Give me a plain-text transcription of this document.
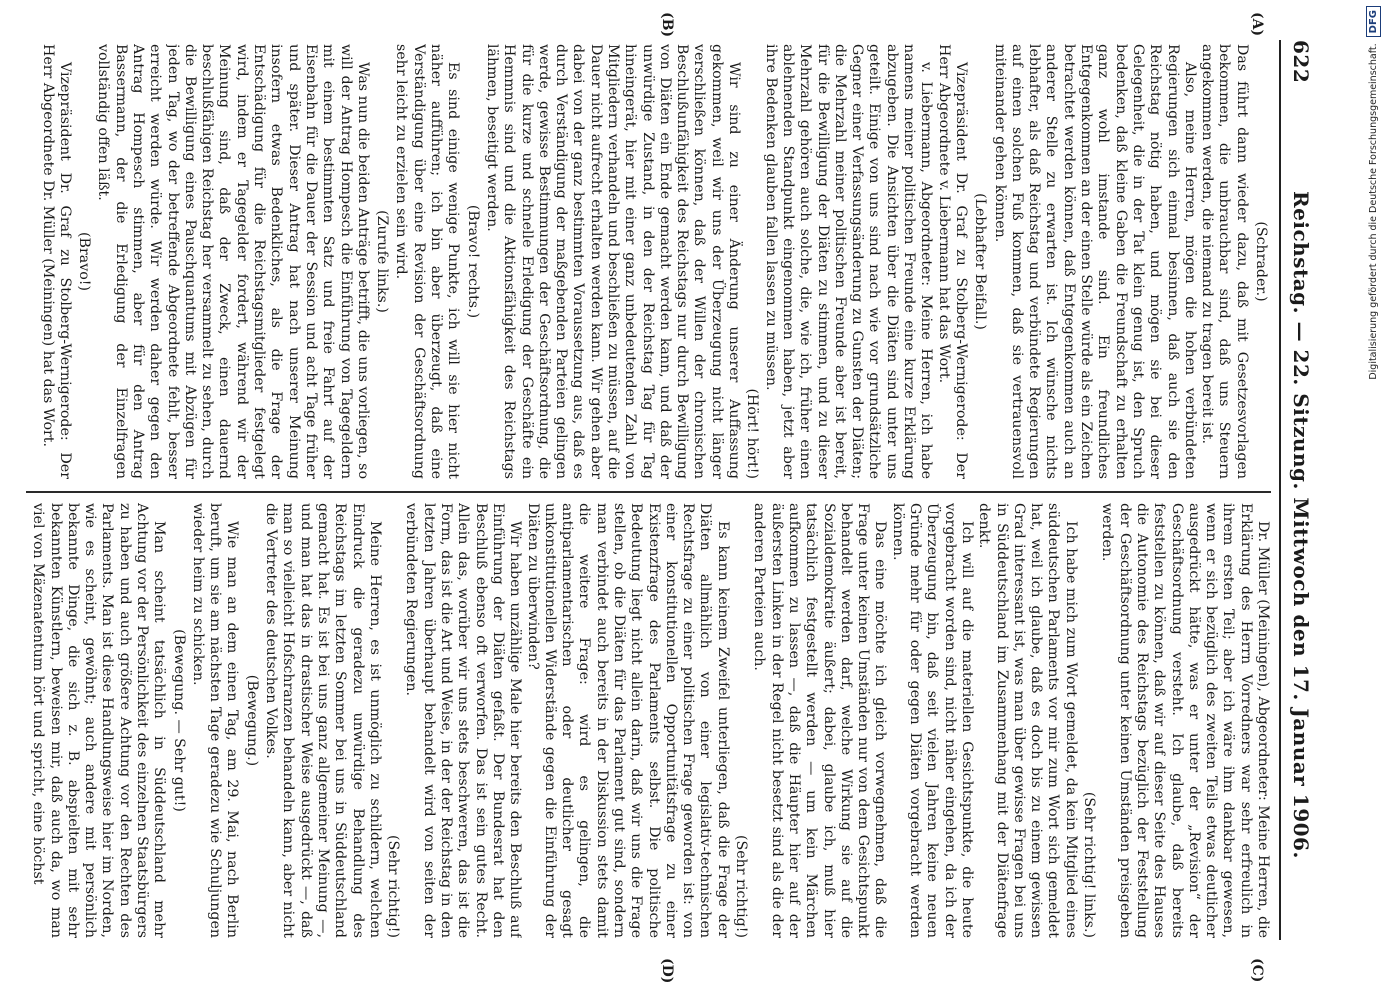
622
Reichstag. — 22. Sitzung. Mittwoch den 17. Januar 1906.
(A)
(B)
(C)
(D)

(Schrader.)

Das führt dann wieder dazu, daß mit Gesetzesvorlagen bekommen, die unbrauchbar sind, daß uns Steuern angekommen werden, die niemand zu tragen bereit ist.

Also, meine Herren, mögen die hohen verbündeten Regierungen sich einmal besinnen, daß auch sie den Reichstag nötig haben, und mögen sie bei dieser Gelegenheit, die in der Tat klein genug ist, den Spruch bedenken, daß kleine Gaben die Freundschaft zu erhalten ganz wohl imstande sind. Ein freundliches Entgegenkommen an der einen Stelle würde als ein Zeichen betrachtet werden können, daß Entgegenkommen auch an anderer Stelle zu erwarten ist. Ich wünsche nichts lebhafter, als daß Reichstag und verbündete Regierungen auf einen solchen Fuß kommen, daß sie vertrauensvoll miteinander gehen können.

(Lebhafter Beifall.)

Vizepräsident Dr. Graf zu Stolberg-Wernigerode: Der Herr Abgeordnete v. Liebermann hat das Wort.

v. Liebermann, Abgeordneter: Meine Herren, ich habe namens meiner politischen Freunde eine kurze Erklärung abzugeben. Die Ansichten über die Diäten sind unter uns geteilt. Einige von uns sind nach wie vor grundsätzliche Gegner einer Verfassungsänderung zu Gunsten der Diäten; die Mehrzahl meiner politischen Freunde aber ist bereit, für die Bewilligung der Diäten zu stimmen, und zu dieser Mehrzahl gehören auch solche, die, wie ich, früher einen ablehnenden Standpunkt eingenommen haben, jetzt aber ihre Bedenken glauben fallen lassen zu müssen.

(Hört! hört!)

Wir sind zu einer Änderung unserer Auffassung gekommen, weil wir uns der Überzeugung nicht länger verschließen können, daß der Willen der chronischen Beschlußunfähigkeit des Reichstags nur durch Bewilligung von Diäten ein Ende gemacht werden kann, und daß der unwürdige Zustand, in den der Reichstag Tag für Tag hineingerät, hier mit einer ganz unbedeutenden Zahl von Mitgliedern verhandeln und beschließen zu müssen, auf die Dauer nicht aufrecht erhalten werden kann. Wir gehen aber dabei von der ganz bestimmten Voraussetzung aus, daß es durch Verständigung der maßgebenden Parteien gelingen werde, gewisse Bestimmungen der Geschäftsordnung, die für die kurze und schnelle Erledigung der Geschäfte ein Hemmnis sind und die Aktionsfähigkeit des Reichstags lähmen, beseitigt werden.

(Bravo! rechts.)

Es sind einige wenige Punkte, ich will sie hier nicht näher aufführen; ich bin aber überzeugt, daß eine Verständigung über eine Revision der Geschäftsordnung sehr leicht zu erzielen sein wird.

(Zurufe links.)

Was nun die beiden Anträge betrifft, die uns vorliegen, so will der Antrag Hompesch die Einführung von Tagegeldern mit einem bestimmten Satz und freie Fahrt auf der Eisenbahn für die Dauer der Session und acht Tage früher und später. Dieser Antrag hat nach unserer Meinung insofern etwas Bedenkliches, als die Frage der Entschädigung für die Reichstagsmitglieder festgelegt wird, indem er Tagegelder fordert, während wir der Meinung sind, daß der Zweck, einen dauernd beschlußfähigen Reichstag her versammelt zu sehen, durch die Bewilligung eines Pauschquantums mit Abzügen für jeden Tag, wo der betreffende Abgeordnete fehlt, besser erreicht werden würde. Wir werden daher gegen den Antrag Hompesch stimmen, aber für den Antrag Bassermann, der die Erledigung der Einzelfragen vollständig offen läßt.

(Bravo!)

Vizepräsident Dr. Graf zu Stolberg-Wernigerode: Der Herr Abgeordnete Dr. Müller (Meiningen) hat das Wort.

Dr. Müller (Meiningen), Abgeordneter: Meine Herren, die Erklärung des Herrn Vorredners war sehr erfreulich in ihrem ersten Teil; aber ich wäre ihm dankbar gewesen, wenn er sich bezüglich des zweiten Teils etwas deutlicher ausgedrückt hätte, was er unter der „Revision“ der Geschäftsordnung versteht. Ich glaube, daß bereits feststellen zu können, daß wir auf dieser Seite des Hauses die Autonomie des Reichstags bezüglich der Feststellung der Geschäftsordnung unter keinen Umständen preisgeben werden.

(Sehr richtig! links.)

Ich habe mich zum Wort gemeldet, da kein Mitglied eines süddeutschen Parlaments vor mir zum Wort sich gemeldet hat, weil ich glaube, daß es doch bis zu einem gewissen Grad interessant ist, was man über gewisse Fragen bei uns in Süddeutschland im Zusammenhang mit der Diätenfrage denkt.

Ich will auf die materiellen Gesichtspunkte, die heute vorgebracht worden sind, nicht näher eingehen, da ich der Überzeugung bin, daß seit vielen Jahren keine neuen Gründe mehr für oder gegen Diäten vorgebracht werden können.

Das eine möchte ich gleich vorwegnehmen, daß die Frage unter keinen Umständen nur von dem Gesichtspunkt behandelt werden darf, welche Wirkung sie auf die Sozialdemokratie äußert; dabei, glaube ich, muß hier tatsächlich festgestellt werden — um kein Märchen aufkommen zu lassen —, daß die Häupter hier auf der äußersten Linken in der Regel nicht besetzt sind als die der anderen Parteien auch.

(Sehr richtig!)

Es kann keinem Zweifel unterliegen, daß die Frage der Diäten allmählich von einer legislativ-technischen Rechtsfrage zu einer politischen Frage geworden ist: von einer konstitutionellen Opportunitätsfrage zu einer Existenzfrage des Parlaments selbst. Die politische Bedeutung liegt nicht allein darin, daß wir uns die Frage stellen, ob die Diäten für das Parlament gut sind, sondern man verbindet auch bereits in der Diskussion stets damit die weitere Frage: wird es gelingen, die antiparlamentarischen oder deutlicher gesagt unkonstitutionellen Widerstände gegen die Einführung der Diäten zu überwinden?

Wir haben unzählige Male hier bereits den Beschluß auf Einführung der Diäten gefaßt. Der Bundesrat hat den Beschluß ebenso oft verworfen. Das ist sein gutes Recht. Allein das, worüber wir uns stets beschweren, das ist die Form, das ist die Art und Weise, in der der Reichstag in den letzten Jahren überhaupt behandelt wird von seiten der verbündeten Regierungen.

(Sehr richtig!)

Meine Herren, es ist unmöglich zu schildern, welchen Eindruck die geradezu unwürdige Behandlung des Reichstags im letzten Sommer bei uns in Süddeutschland gemacht hat. Es ist bei uns ganz allgemeiner Meinung —, und man hat das in drastischer Weise ausgedrückt —, daß man so vielleicht Hofschranzen behandeln kann, aber nicht die Vertreter des deutschen Volkes.

(Bewegung.)

Wie man an dem einen Tag, am 29. Mai, nach Berlin beruft, um sie am nächsten Tage geradezu wie Schuljungen wieder heim zu schicken.

(Bewegung. — Sehr gut!)

Man scheint tatsächlich in Süddeutschland mehr Achtung vor der Persönlichkeit des einzelnen Staatsbürgers zu haben und auch größere Achtung vor den Rechten des Parlaments. Man ist diese Handlungsweise hier im Norden, wie es scheint, gewöhnt; auch andere mit persönlich bekannte Dinge, die sich z. B. abspielten mit sehr bekannten Künstlern, beweisen mir, daß auch da, wo man viel von Mäzenatentum hört und spricht, eine höchst

Digitalisierung gefördert durch die Deutsche Forschungsgemeinschaft.
DFG
